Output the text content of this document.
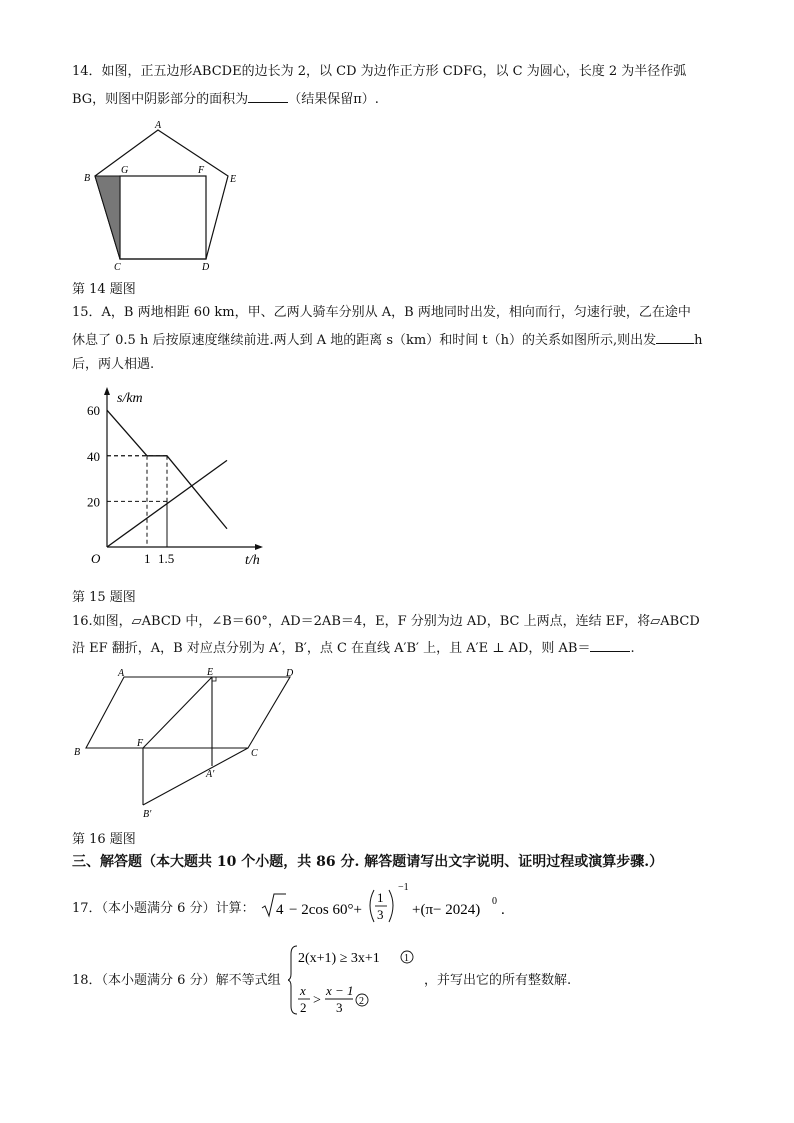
14．如图，正五边形ABCDE的边长为 2，以 CD 为边作正方形 CDFG，以 C 为圆心，长度 2 为半径作弧
BG，则图中阴影部分的面积为	（结果保留π）.
A
B
G	F
E
C	D
第 14 题图
15．A，B 两地相距 60 km，甲、乙两人骑车分别从 A，B 两地同时出发，相向而行，匀速行驶，乙在途中
休息了 0.5 h 后按原速度继续前进.两人到 A 地的距离 s（km）和时间 t（h）的关系如图所示,则出发	h
后，两人相遇.
s/km
t/h
O
20
40
60
1 1.5
第 15 题图
16.如图，▱ABCD 中，∠B＝60°，AD＝2AB＝4，E，F 分别为边 AD，BC 上两点，连结 EF，将▱ABCD
沿 EF 翻折，A，B 对应点分别为 A′，B′，点 C 在直线 A′B′ 上，且 A′E ⊥ AD，则 AB＝	.
A	E	D
B
F
C
A′
B′
第 16 题图
三、解答题（本大题共 10 个小题，共 86 分. 解答题请写出文字说明、证明过程或演算步骤.）
17．（本小题满分 6 分）计算： 4 − 2cos 60°+
1
3
−1
+(π− 2024)
0
.
18．（本小题满分 6 分）解不等式组
2(x+1) ≥ 3x+1 1
x
2 >
x − 1
3 2
，并写出它的所有整数解.
